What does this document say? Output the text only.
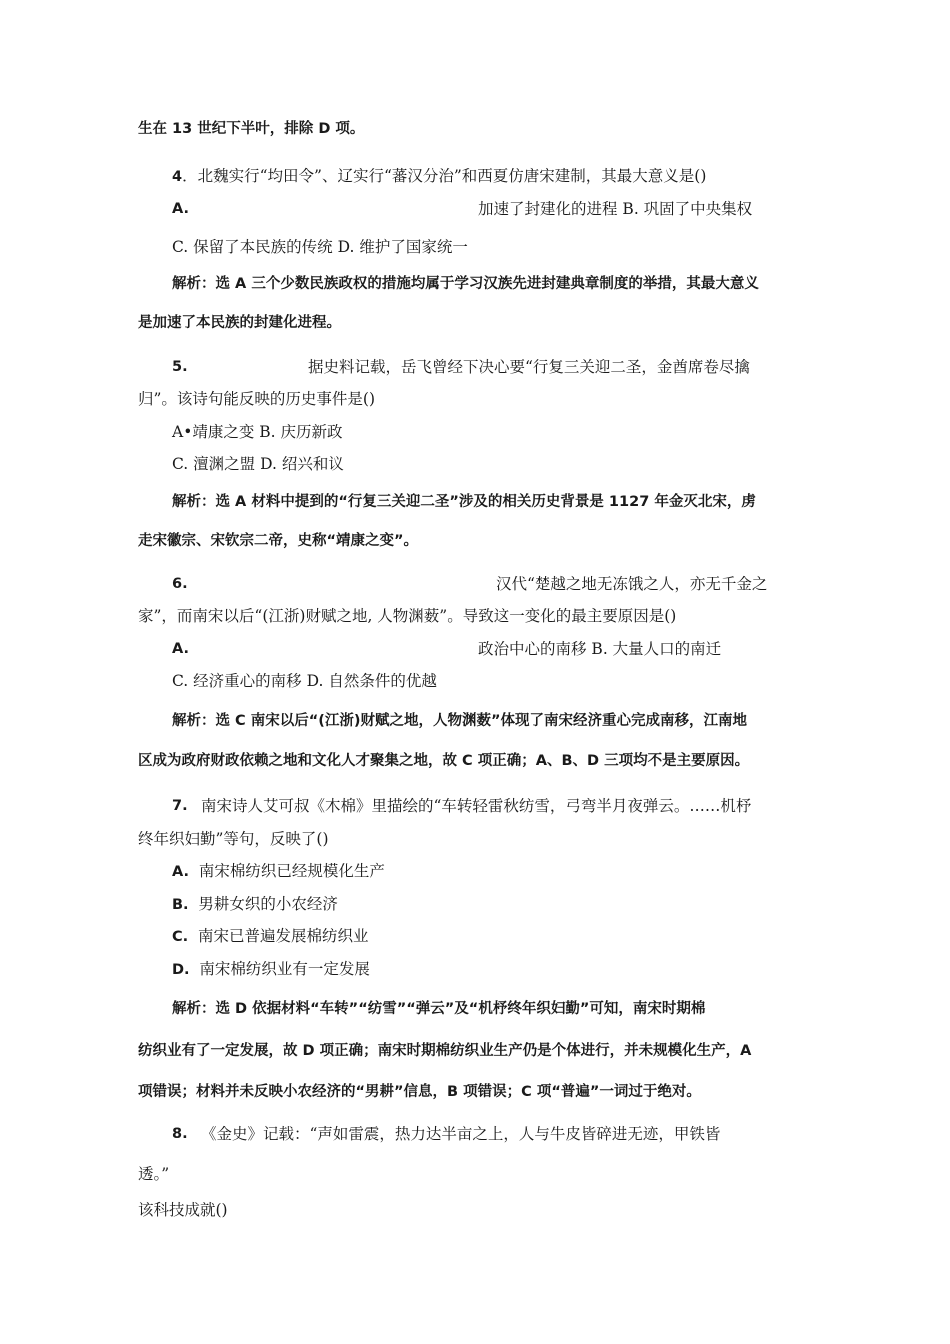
生在 13 世纪下半叶，排除 D 项。
4．北魏实行“均田令”、辽实行“蕃汉分治”和西夏仿唐宋建制，其最大意义是()
A.	加速了封建化的进程 B. 巩固了中央集权
C. 保留了本民族的传统 D. 维护了国家统一
解析：选 A 三个少数民族政权的措施均属于学习汉族先进封建典章制度的举措，其最大意义
是加速了本民族的封建化进程。
5.	据史料记载，岳飞曾经下决心要“行复三关迎二圣，金酋席卷尽擒
归”。该诗句能反映的历史事件是()
A•靖康之变 B. 庆历新政
C. 澶渊之盟 D. 绍兴和议
解析：选 A 材料中提到的“行复三关迎二圣”涉及的相关历史背景是 1127 年金灭北宋，虏
走宋徽宗、宋钦宗二帝，史称“靖康之变”。
6.	汉代“楚越之地无冻饿之人，亦无千金之
家”，而南宋以后“(江浙)财赋之地, 人物渊薮”。导致这一变化的最主要原因是()
A.	政治中心的南移 B. 大量人口的南迁
C. 经济重心的南移 D. 自然条件的优越
解析：选 C 南宋以后“(江浙)财赋之地，人物渊薮”体现了南宋经济重心完成南移，江南地
区成为政府财政依赖之地和文化人才聚集之地，故 C 项正确；A、B、D 三项均不是主要原因。
7. 南宋诗人艾可叔《木棉》里描绘的“车转轻雷秋纺雪，弓弯半月夜弹云。……机杼
终年织妇勤”等句，反映了()
A. 南宋棉纺织已经规模化生产
B. 男耕女织的小农经济
C. 南宋已普遍发展棉纺织业
D. 南宋棉纺织业有一定发展
解析：选 D 依据材料“车转”“纺雪”“弹云”及“机杼终年织妇勤”可知，南宋时期棉
纺织业有了一定发展，故 D 项正确；南宋时期棉纺织业生产仍是个体进行，并未规模化生产，A
项错误；材料并未反映小农经济的“男耕”信息，B 项错误；C 项“普遍”一词过于绝对。
8. 《金史》记载：“声如雷震，热力达半亩之上，人与牛皮皆碎进无迹，甲铁皆
透。”
该科技成就()
